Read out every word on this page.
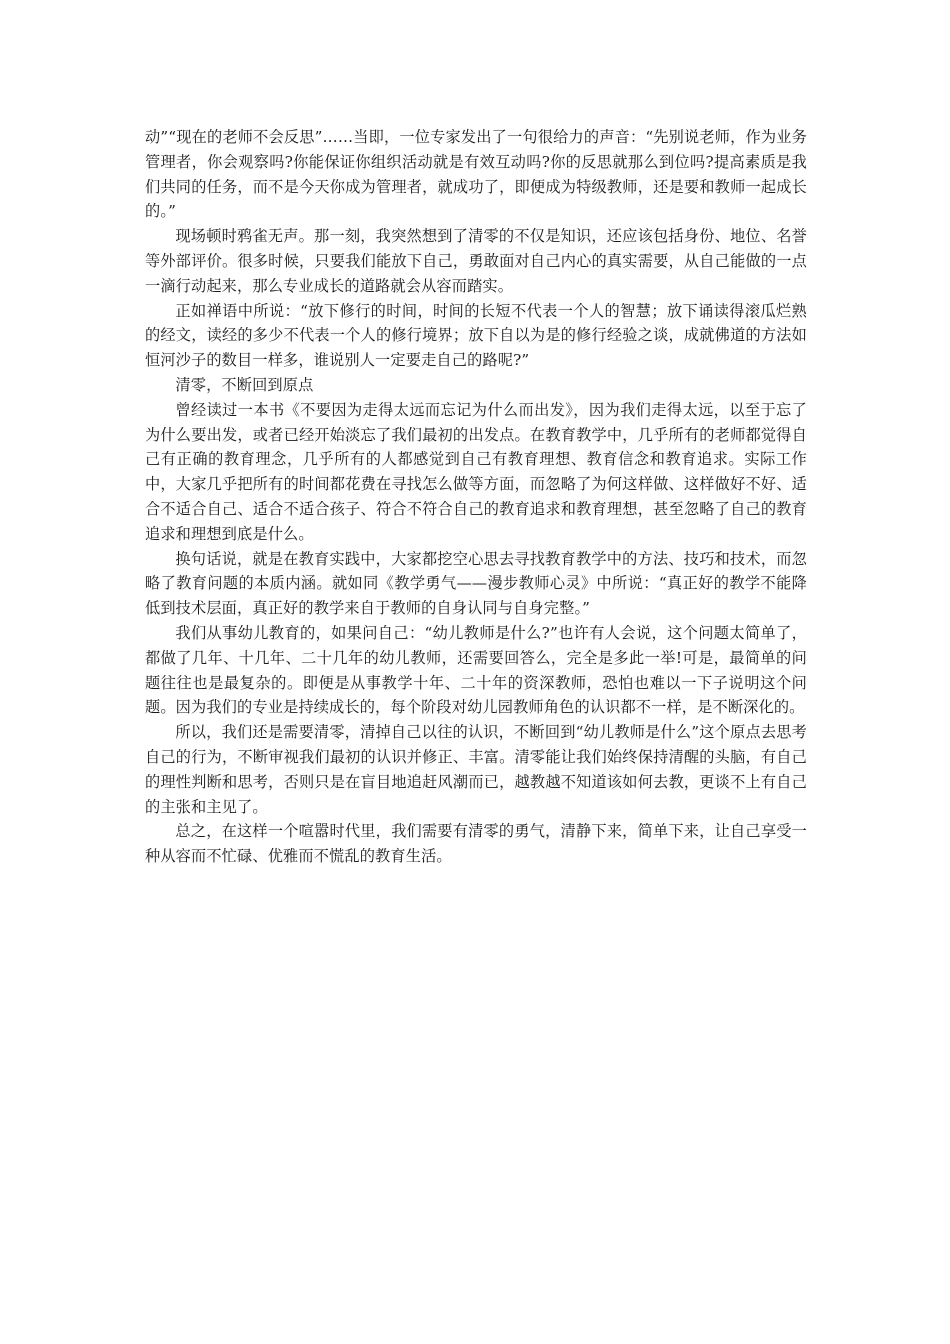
动”“现在的老师不会反思”……当即，一位专家发出了一句很给力的声音：“先别说老师，作为业务管理者，你会观察吗?你能保证你组织活动就是有效互动吗?你的反思就那么到位吗?提高素质是我们共同的任务，而不是今天你成为管理者，就成功了，即便成为特级教师，还是要和教师一起成长的。”

现场顿时鸦雀无声。那一刻，我突然想到了清零的不仅是知识，还应该包括身份、地位、名誉等外部评价。很多时候，只要我们能放下自己，勇敢面对自己内心的真实需要，从自己能做的一点一滴行动起来，那么专业成长的道路就会从容而踏实。

正如禅语中所说：“放下修行的时间，时间的长短不代表一个人的智慧；放下诵读得滚瓜烂熟的经文，读经的多少不代表一个人的修行境界；放下自以为是的修行经验之谈，成就佛道的方法如恒河沙子的数目一样多，谁说别人一定要走自己的路呢?”

清零，不断回到原点

曾经读过一本书《不要因为走得太远而忘记为什么而出发》，因为我们走得太远，以至于忘了为什么要出发，或者已经开始淡忘了我们最初的出发点。在教育教学中，几乎所有的老师都觉得自己有正确的教育理念，几乎所有的人都感觉到自己有教育理想、教育信念和教育追求。实际工作中，大家几乎把所有的时间都花费在寻找怎么做等方面，而忽略了为何这样做、这样做好不好、适合不适合自己、适合不适合孩子、符合不符合自己的教育追求和教育理想，甚至忽略了自己的教育追求和理想到底是什么。

换句话说，就是在教育实践中，大家都挖空心思去寻找教育教学中的方法、技巧和技术，而忽略了教育问题的本质内涵。就如同《教学勇气——漫步教师心灵》中所说：“真正好的教学不能降低到技术层面，真正好的教学来自于教师的自身认同与自身完整。”

我们从事幼儿教育的，如果问自己：“幼儿教师是什么?”也许有人会说，这个问题太简单了，都做了几年、十几年、二十几年的幼儿教师，还需要回答么，完全是多此一举!可是，最简单的问题往往也是最复杂的。即便是从事教学十年、二十年的资深教师，恐怕也难以一下子说明这个问题。因为我们的专业是持续成长的，每个阶段对幼儿园教师角色的认识都不一样，是不断深化的。

所以，我们还是需要清零，清掉自己以往的认识，不断回到“幼儿教师是什么”这个原点去思考自己的行为，不断审视我们最初的认识并修正、丰富。清零能让我们始终保持清醒的头脑，有自己的理性判断和思考，否则只是在盲目地追赶风潮而已，越教越不知道该如何去教，更谈不上有自己的主张和主见了。

总之，在这样一个喧嚣时代里，我们需要有清零的勇气，清静下来，简单下来，让自己享受一种从容而不忙碌、优雅而不慌乱的教育生活。
